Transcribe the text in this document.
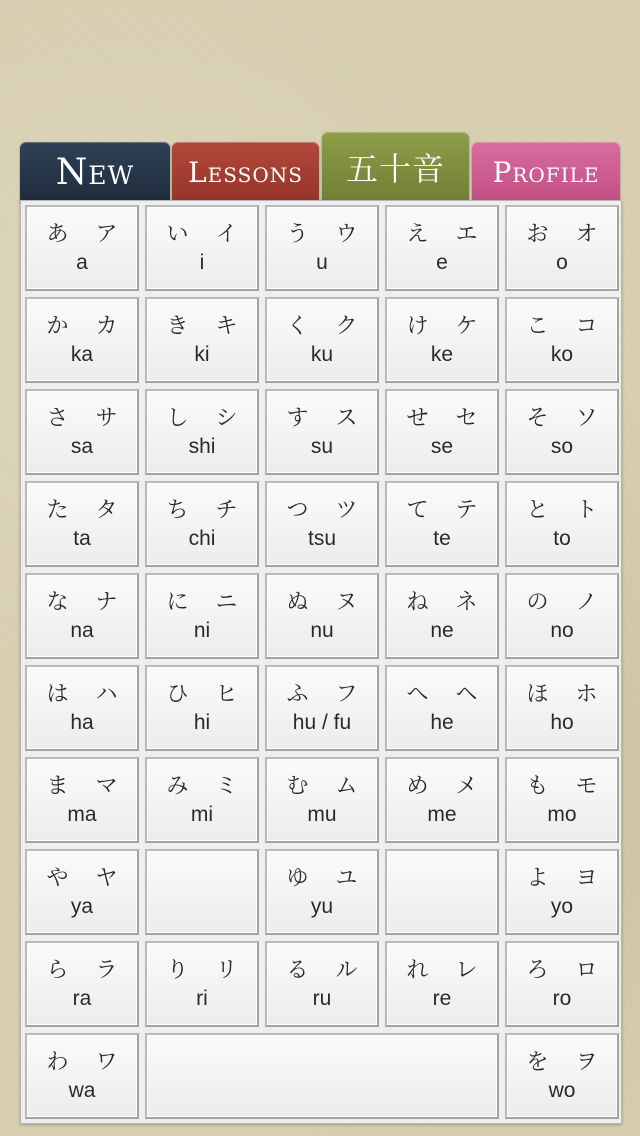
New	Lessons	五十音	Profile
あ ア
a
い イ
i
う ウ
u
え エ
e
お オ
o
か カ
ka
き キ
ki
く ク
ku
け ケ
ke
こ コ
ko
さ サ
sa
し シ
shi
す ス
su
せ セ
se
そ ソ
so
た タ
ta
ち チ
chi
つ ツ
tsu
て テ
te
と ト
to
な ナ
na
に ニ
ni
ぬ ヌ
nu
ね ネ
ne
の ノ
no
は ハ
ha
ひ ヒ
hi
ふ フ
hu / fu
へ ヘ
he
ほ ホ
ho
ま マ
ma
み ミ
mi
む ム
mu
め メ
me
も モ
mo
や ヤ
ya
ゆ ユ
yu
よ ヨ
yo
ら ラ
ra
り リ
ri
る ル
ru
れ レ
re
ろ ロ
ro
わ ワ
wa
を ヲ
wo
